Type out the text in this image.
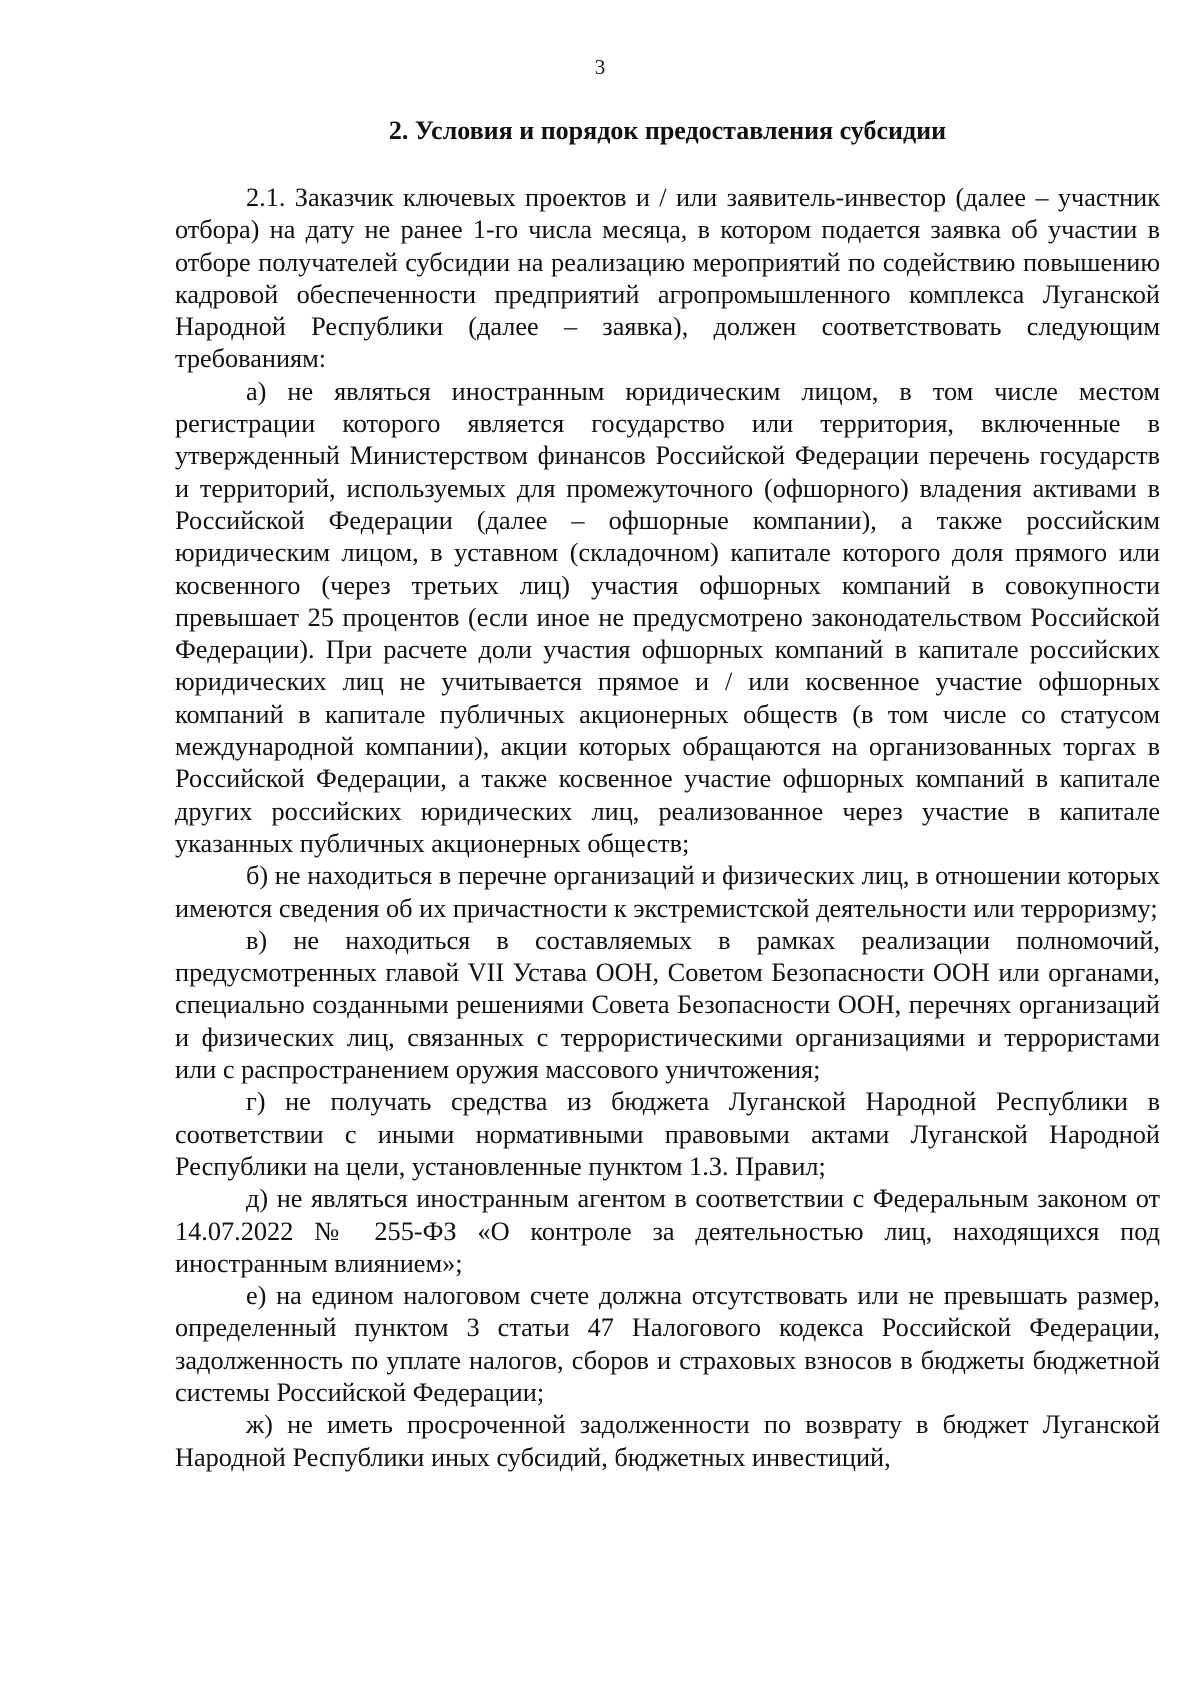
3
2. Условия и порядок предоставления субсидии

2.1. Заказчик ключевых проектов и / или заявитель-инвестор (далее – участник отбора) на дату не ранее 1-го числа месяца, в котором подается заявка об участии в отборе получателей субсидии на реализацию мероприятий по содействию повышению кадровой обеспеченности предприятий агропромышленного комплекса Луганской Народной Республики (далее – заявка), должен соответствовать следующим требованиям:

а) не являться иностранным юридическим лицом, в том числе местом регистрации которого является государство или территория, включенные в утвержденный Министерством финансов Российской Федерации перечень государств и территорий, используемых для промежуточного (офшорного) владения активами в Российской Федерации (далее – офшорные компании), а также российским юридическим лицом, в уставном (складочном) капитале которого доля прямого или косвенного (через третьих лиц) участия офшорных компаний в совокупности превышает 25 процентов (если иное не предусмотрено законодательством Российской Федерации). При расчете доли участия офшорных компаний в капитале российских юридических лиц не учитывается прямое и / или косвенное участие офшорных компаний в капитале публичных акционерных обществ (в том числе со статусом международной компании), акции которых обращаются на организованных торгах в Российской Федерации, а также косвенное участие офшорных компаний в капитале других российских юридических лиц, реализованное через участие в капитале указанных публичных акционерных обществ;

б) не находиться в перечне организаций и физических лиц, в отношении которых имеются сведения об их причастности к экстремистской деятельности или терроризму;

в) не находиться в составляемых в рамках реализации полномочий, предусмотренных главой VII Устава ООН, Советом Безопасности ООН или органами, специально созданными решениями Совета Безопасности ООН, перечнях организаций и физических лиц, связанных с террористическими организациями и террористами или с распространением оружия массового уничтожения;

г) не получать средства из бюджета Луганской Народной Республики в соответствии с иными нормативными правовыми актами Луганской Народной Республики на цели, установленные пунктом 1.3. Правил;

д) не являться иностранным агентом в соответствии с Федеральным законом от 14.07.2022 № 255-ФЗ «О контроле за деятельностью лиц, находящихся под иностранным влиянием»;

е) на едином налоговом счете должна отсутствовать или не превышать размер, определенный пунктом 3 статьи 47 Налогового кодекса Российской Федерации, задолженность по уплате налогов, сборов и страховых взносов в бюджеты бюджетной системы Российской Федерации;

ж) не иметь просроченной задолженности по возврату в бюджет Луганской Народной Республики иных субсидий, бюджетных инвестиций,
